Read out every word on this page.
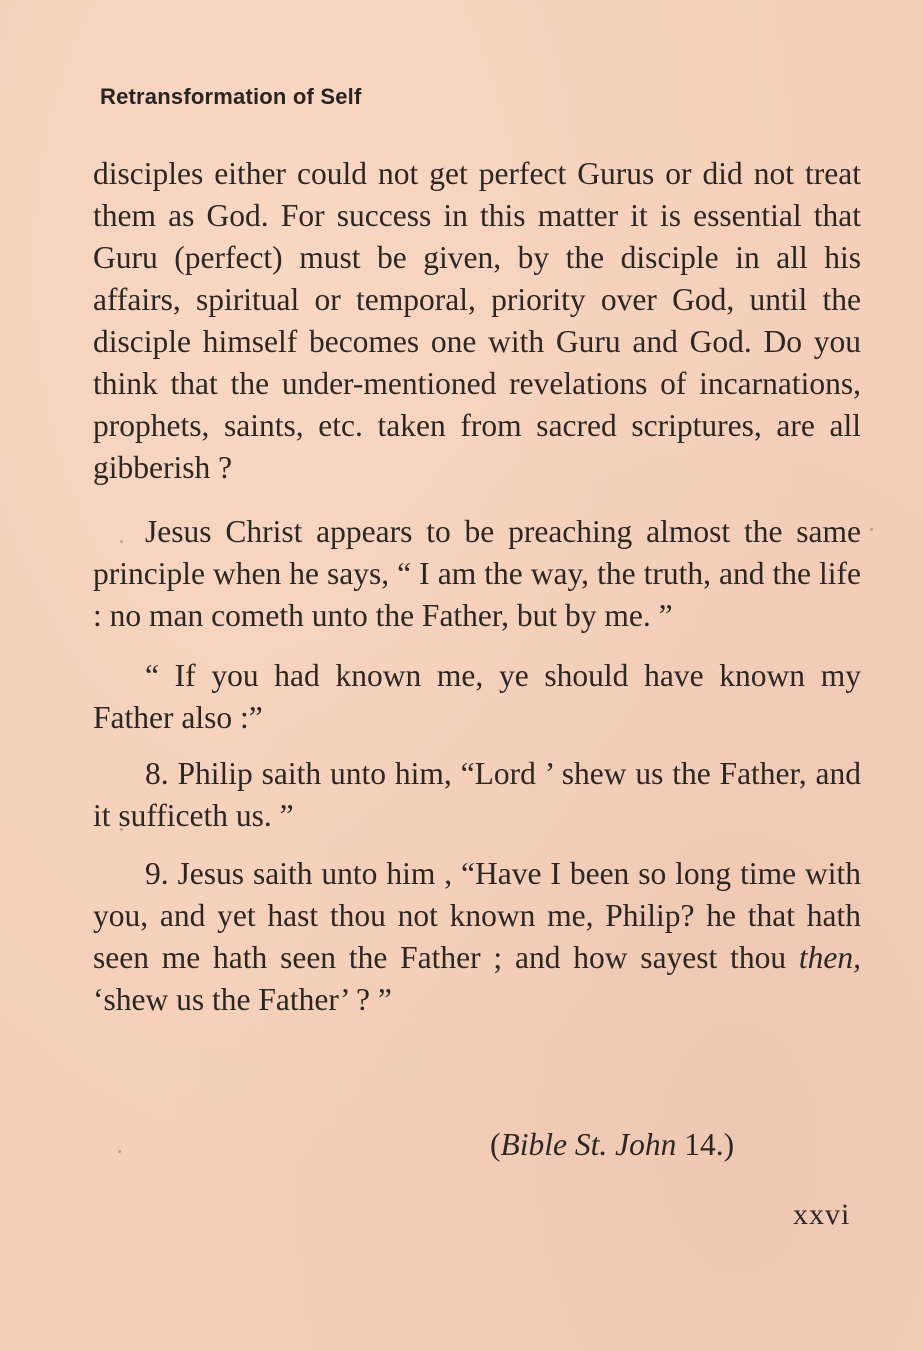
Retransformation of Self

disciples either could not get perfect Gurus or did not treat them as God. For success in this matter it is essential that Guru (perfect) must be given, by the disciple in all his affairs, spiritual or temporal, priority over God, until the disciple himself becomes one with Guru and God. Do you think that the under-mentioned revelations of incarnations, prophets, saints, etc. taken from sacred scriptures, are all gibberish ?

Jesus Christ appears to be preaching almost the same principle when he says, “ I am the way, the truth, and the life : no man cometh unto the Father, but by me. ”

“ If you had known me, ye should have known my Father also :”

8. Philip saith unto him, “Lord ’ shew us the Father, and it sufficeth us. ”

9. Jesus saith unto him , “Have I been so long time with you, and yet hast thou not known me, Philip? he that hath seen me hath seen the Father ; and how sayest thou then, ‘shew us the Father’ ? ”

(Bible St. John 14.)
xxvi
